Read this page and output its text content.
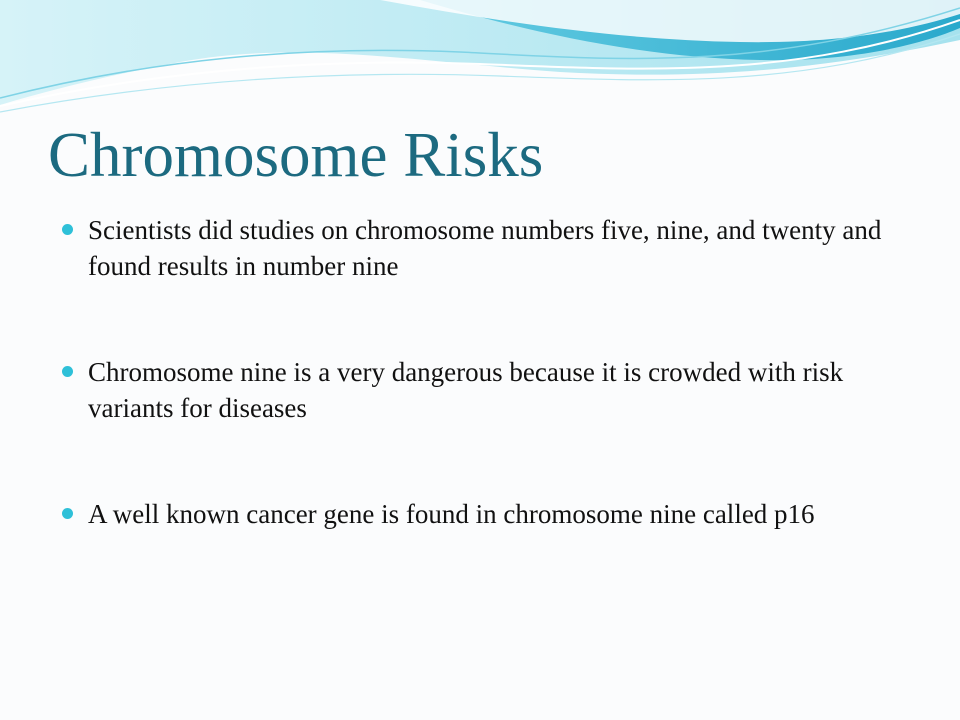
Chromosome Risks
Scientists did studies on chromosome numbers five, nine, and twenty and found results in number nine
Chromosome nine is a very dangerous because it is crowded with risk variants for diseases
A well known cancer gene is found in chromosome nine called p16
